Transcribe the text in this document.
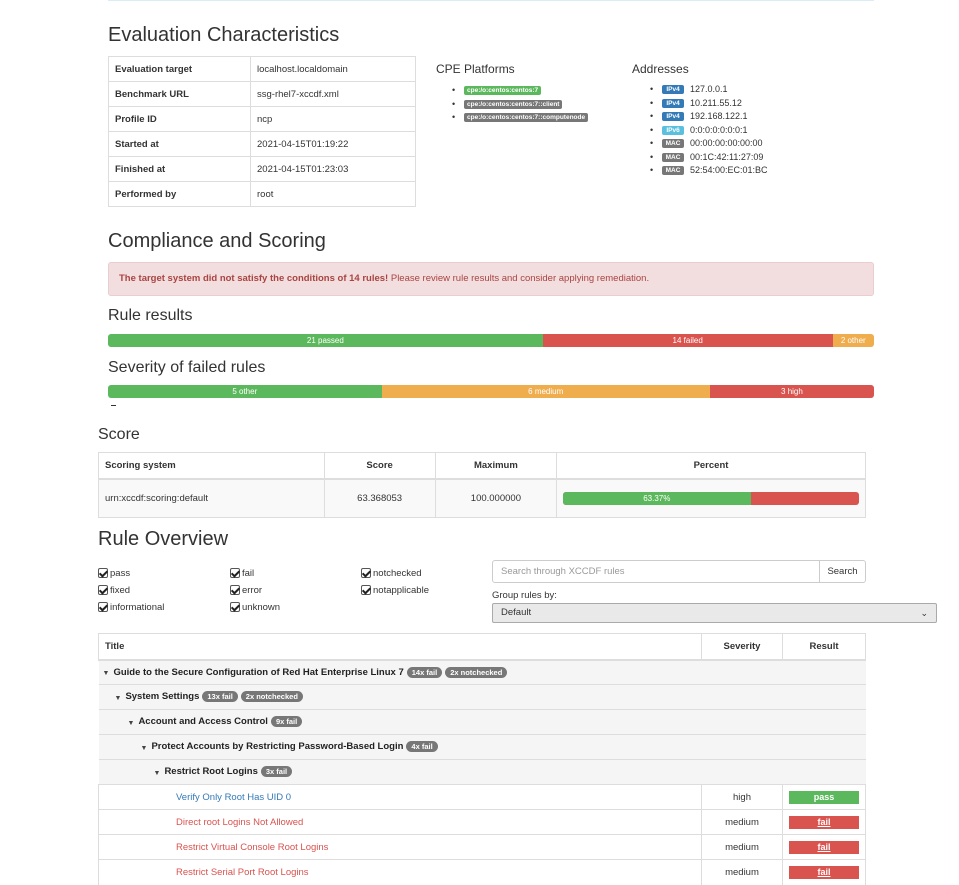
Evaluation Characteristics
Evaluation target	localhost.localdomain
Benchmark URL	ssg-rhel7-xccdf.xml
Profile ID	ncp
Started at	2021-04-15T01:19:22
Finished at	2021-04-15T01:23:03
Performed by	root
CPE Platforms
• cpe:/o:centos:centos:7
• cpe:/o:centos:centos:7::client
• cpe:/o:centos:centos:7::computenode
Addresses
• IPv4 127.0.0.1
• IPv4 10.211.55.12
• IPv4 192.168.122.1
• IPv6 0:0:0:0:0:0:0:1
• MAC 00:00:00:00:00:00
• MAC 00:1C:42:11:27:09
• MAC 52:54:00:EC:01:BC
Compliance and Scoring
The target system did not satisfy the conditions of 14 rules! Please review rule results and consider applying remediation.
Rule results
21 passed	14 failed	2 other
Severity of failed rules
5 other	6 medium	3 high
Score
Scoring system	Score	Maximum	Percent
urn:xccdf:scoring:default	63.368053	100.000000	63.37%
Rule Overview
pass
fixed
informational
fail
error
unknown
notchecked
notapplicable
Search through XCCDF rules
Search
Group rules by:
Default	⌄
Title	Severity	Result
▼ Guide to the Secure Configuration of Red Hat Enterprise Linux 7 14x fail 2x notchecked		
▼ System Settings 13x fail 2x notchecked		
▼ Account and Access Control 9x fail		
▼ Protect Accounts by Restricting Password-Based Login 4x fail		
▼ Restrict Root Logins 3x fail		
Verify Only Root Has UID 0	high	pass
Direct root Logins Not Allowed	medium	fail
Restrict Virtual Console Root Logins	medium	fail
Restrict Serial Port Root Logins	medium	fail
